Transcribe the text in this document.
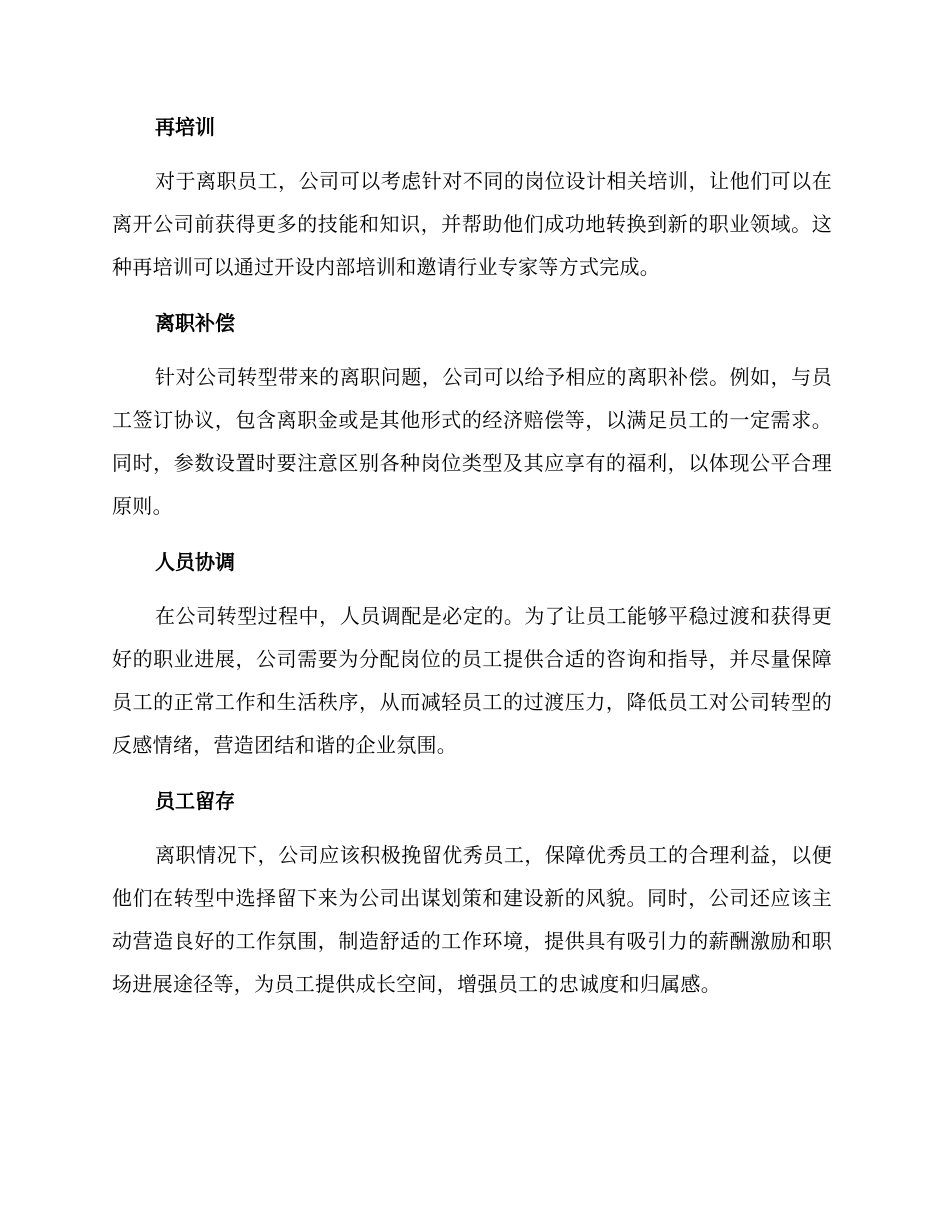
再培训

对于离职员工，公司可以考虑针对不同的岗位设计相关培训，让他们可以在离开公司前获得更多的技能和知识，并帮助他们成功地转换到新的职业领域。这种再培训可以通过开设内部培训和邀请行业专家等方式完成。

离职补偿

针对公司转型带来的离职问题，公司可以给予相应的离职补偿。例如，与员工签订协议，包含离职金或是其他形式的经济赔偿等，以满足员工的一定需求。同时，参数设置时要注意区别各种岗位类型及其应享有的福利，以体现公平合理原则。

人员协调

在公司转型过程中，人员调配是必定的。为了让员工能够平稳过渡和获得更好的职业进展，公司需要为分配岗位的员工提供合适的咨询和指导，并尽量保障员工的正常工作和生活秩序，从而减轻员工的过渡压力，降低员工对公司转型的反感情绪，营造团结和谐的企业氛围。

员工留存

离职情况下，公司应该积极挽留优秀员工，保障优秀员工的合理利益，以便他们在转型中选择留下来为公司出谋划策和建设新的风貌。同时，公司还应该主动营造良好的工作氛围，制造舒适的工作环境，提供具有吸引力的薪酬激励和职场进展途径等，为员工提供成长空间，增强员工的忠诚度和归属感。
